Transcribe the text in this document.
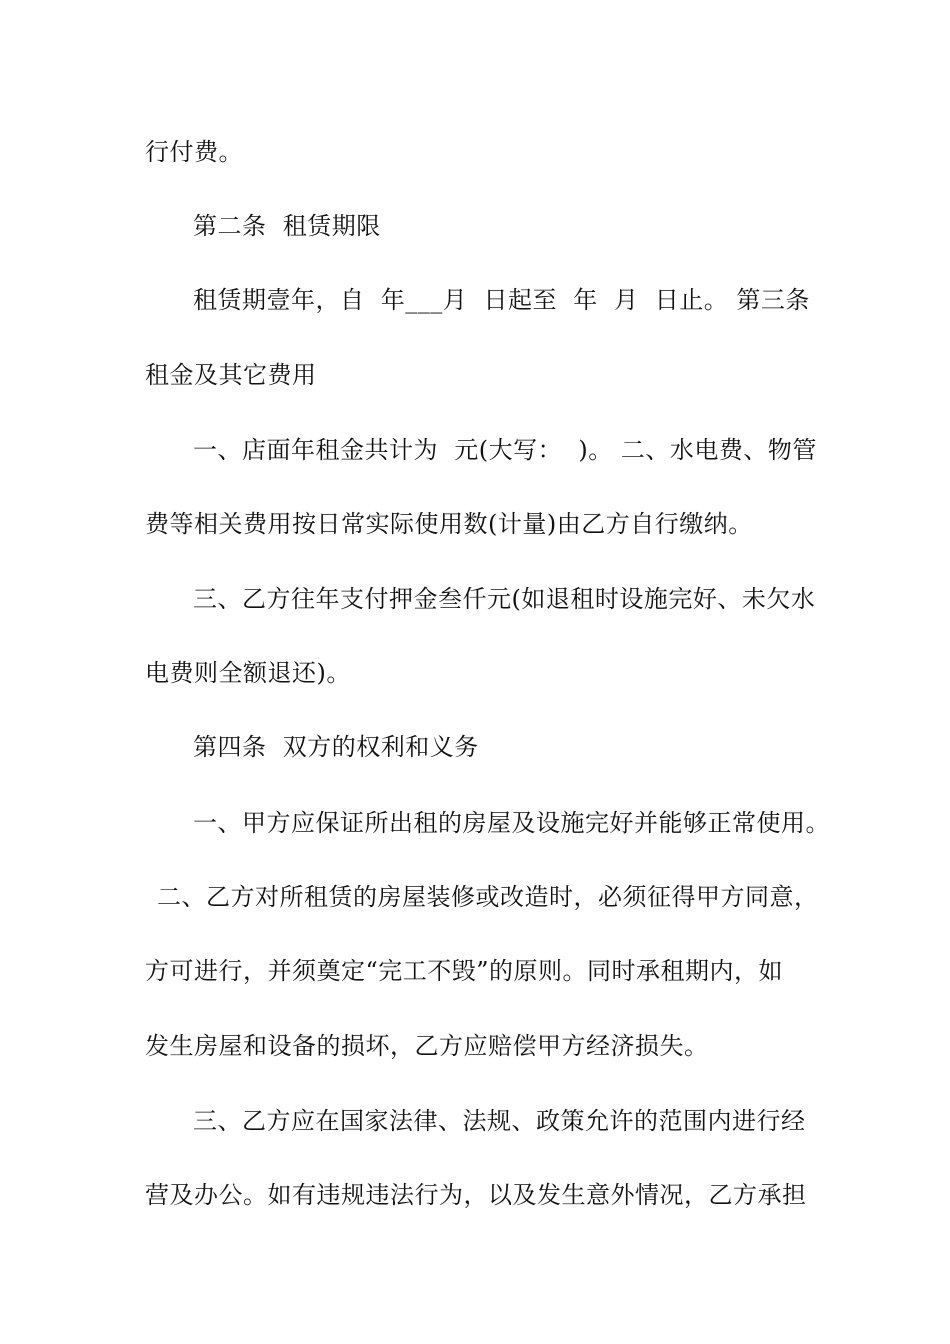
行付费。
第二条  租赁期限
租赁期壹年，自  年___月  日起至  年  月  日止。 第三条
租金及其它费用
一、店面年租金共计为  元(大写：  )。 二、水电费、物管
费等相关费用按日常实际使用数(计量)由乙方自行缴纳。
三、乙方往年支付押金叁仟元(如退租时设施完好、未欠水
电费则全额退还)。
第四条  双方的权利和义务
一、甲方应保证所出租的房屋及设施完好并能够正常使用。
二、乙方对所租赁的房屋装修或改造时，必须征得甲方同意，
方可进行，并须奠定“完工不毁”的原则。同时承租期内，如
发生房屋和设备的损坏，乙方应赔偿甲方经济损失。
三、乙方应在国家法律、法规、政策允许的范围内进行经
营及办公。如有违规违法行为，以及发生意外情况，乙方承担
